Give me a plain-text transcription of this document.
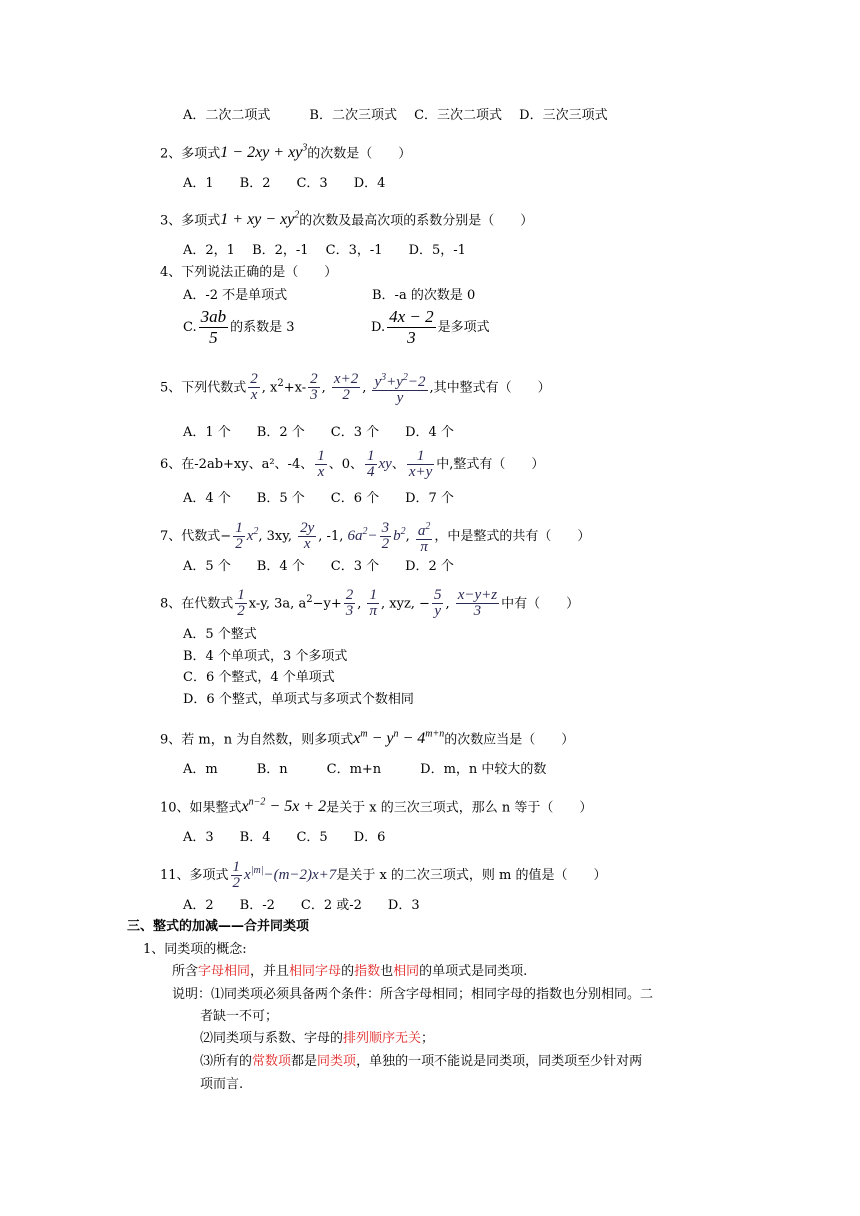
A．二次二项式　　　B．二次三项式　 C．三次二项式　 D．三次三项式
2、多项式$1 - 2xy + xy^3$的次数是（　　）
A．1　　B．2　　C．3　　D．4
3、多项式1 + xy − $xy^2$的次数及最高次项的系数分别是（　　）
A．2，1　 B．2，-1　 C．3，-1　　D．5，-1
4、下列说法正确的是（　　）
A．-2 不是单项式	B．-a 的次数是 0
C. $\frac{3ab}{5}$ 的系数是 3	D. $\frac{4x - 2}{3}$ 是多项式
5、下列代数式 $\frac{2}{x}$ , $x^2+x- \frac{2}{3}$ , $\frac{x+2}{2}$ , $\frac{y^3+y^2-2}{y}$ ,其中整式有（　　）
A．1 个　　B．2 个　　C．3 个　　D．4 个
6、在-2ab+xy、a²、-4、 $\frac{1}{x}$ 、0、 $\frac{1}{4}$ xy、 $\frac{1}{x+y}$ 中,整式有（　　）
A．4 个　　B．5 个　　C．6 个　　D．7 个
7、代数式− $\frac{1}{2} x^2$, 3xy, $\frac{2y}{x}$ , -1, $6a^2- \frac{3}{2} b^2$, $\frac{a^2}{\pi}$ ，中是整式的共有（　　）
A．5 个　　B．4 个　　C．3 个　　D．2 个
8、在代数式 $\frac{1}{2} x-y$, 3a, $a^2-y+ \frac{2}{3}$ , $\frac{1}{\pi}$ , xyz, − $\frac{5}{y}$ , $\frac{x-y+z}{3}$ 中有（　　）
A．5 个整式
B．4 个单项式，3 个多项式
C．6 个整式，4 个单项式
D．6 个整式，单项式与多项式个数相同
9、若 m，n 为自然数，则多项式$x^m - y^n - 4^{m+n}$的次数应当是（　　）
A．m　　　B．n　　　C．m+n　　　D．m，n 中较大的数
10、如果整式$x^{n-2} - 5x + 2$是关于 x 的三次三项式，那么 n 等于（　　）
A．3　　B．4　　C．5　　D．6
11、多项式 $\frac{1}{2} x^{|m|}-(m-2)x+7$是关于 x 的二次三项式，则 m 的值是（　　）
A．2　　B．-2　　C．2 或-2　　D．3
三、整式的加减——合并同类项
1、同类项的概念:
所含字母相同，并且相同字母的指数也相同的单项式是同类项.
说明：⑴同类项必须具备两个条件：所含字母相同；相同字母的指数也分别相同。二
者缺一不可；
⑵同类项与系数、字母的排列顺序无关；
⑶所有的常数项都是同类项，单独的一项不能说是同类项，同类项至少针对两
项而言.
